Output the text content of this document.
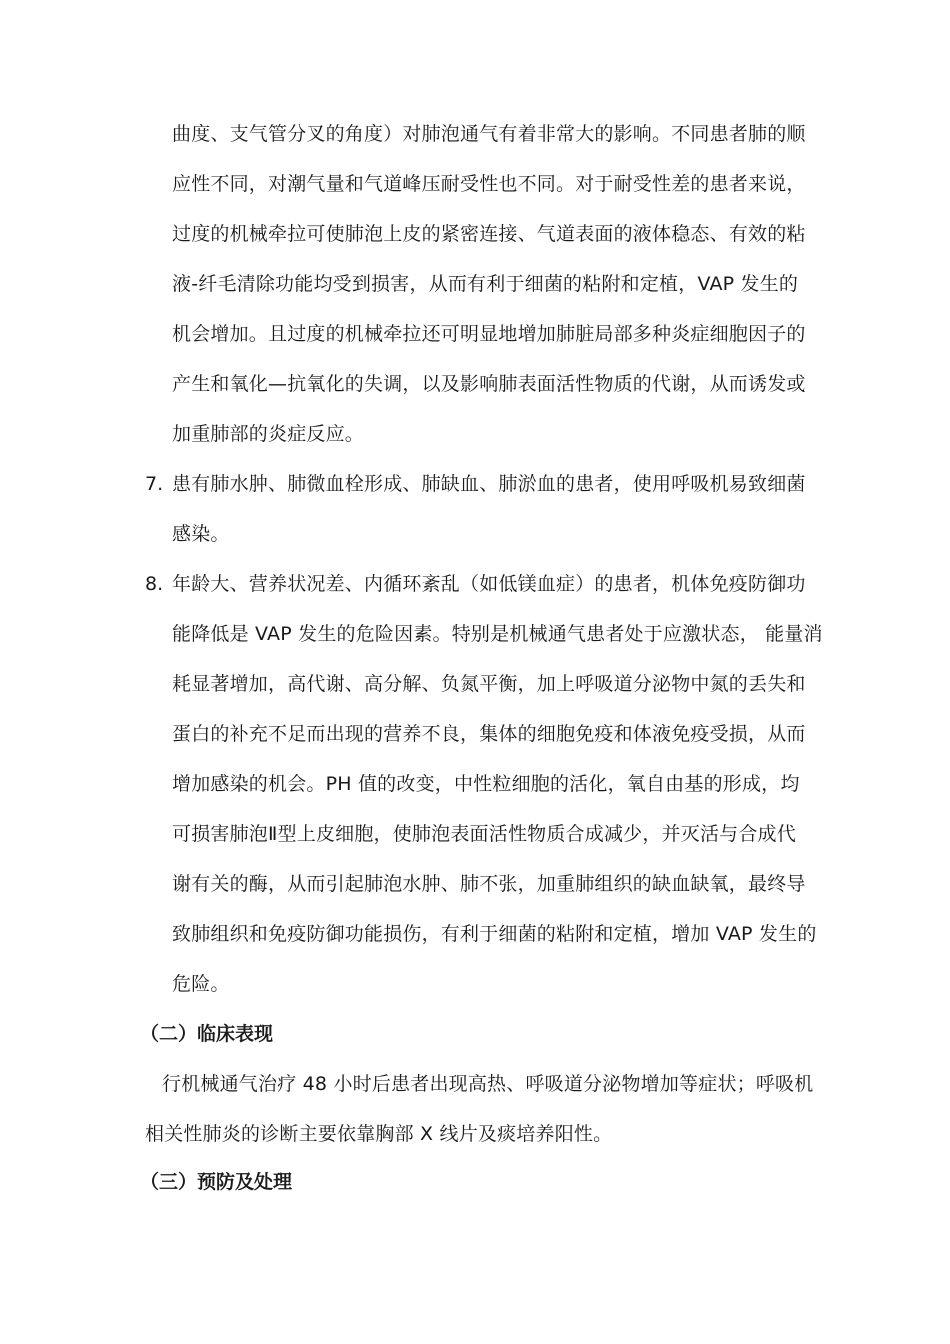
曲度、支气管分叉的角度）对肺泡通气有着非常大的影响。不同患者肺的顺
应性不同，对潮气量和气道峰压耐受性也不同。对于耐受性差的患者来说，
过度的机械牵拉可使肺泡上皮的紧密连接、气道表面的液体稳态、有效的粘
液-纤毛清除功能均受到损害，从而有利于细菌的粘附和定植，VAP 发生的
机会增加。且过度的机械牵拉还可明显地增加肺脏局部多种炎症细胞因子的
产生和氧化—抗氧化的失调，以及影响肺表面活性物质的代谢，从而诱发或
加重肺部的炎症反应。
7. 患有肺水肿、肺微血栓形成、肺缺血、肺淤血的患者，使用呼吸机易致细菌
感染。
8. 年龄大、营养状况差、内循环紊乱（如低镁血症）的患者，机体免疫防御功
能降低是 VAP 发生的危险因素。特别是机械通气患者处于应激状态， 能量消
耗显著增加，高代谢、高分解、负氮平衡，加上呼吸道分泌物中氮的丢失和
蛋白的补充不足而出现的营养不良，集体的细胞免疫和体液免疫受损，从而
增加感染的机会。PH 值的改变，中性粒细胞的活化，氧自由基的形成，均
可损害肺泡Ⅱ型上皮细胞，使肺泡表面活性物质合成减少，并灭活与合成代
谢有关的酶，从而引起肺泡水肿、肺不张，加重肺组织的缺血缺氧，最终导
致肺组织和免疫防御功能损伤，有利于细菌的粘附和定植，增加 VAP 发生的
危险。
（二）临床表现
行机械通气治疗 48 小时后患者出现高热、呼吸道分泌物增加等症状；呼吸机
相关性肺炎的诊断主要依靠胸部 X 线片及痰培养阳性。
（三）预防及处理
